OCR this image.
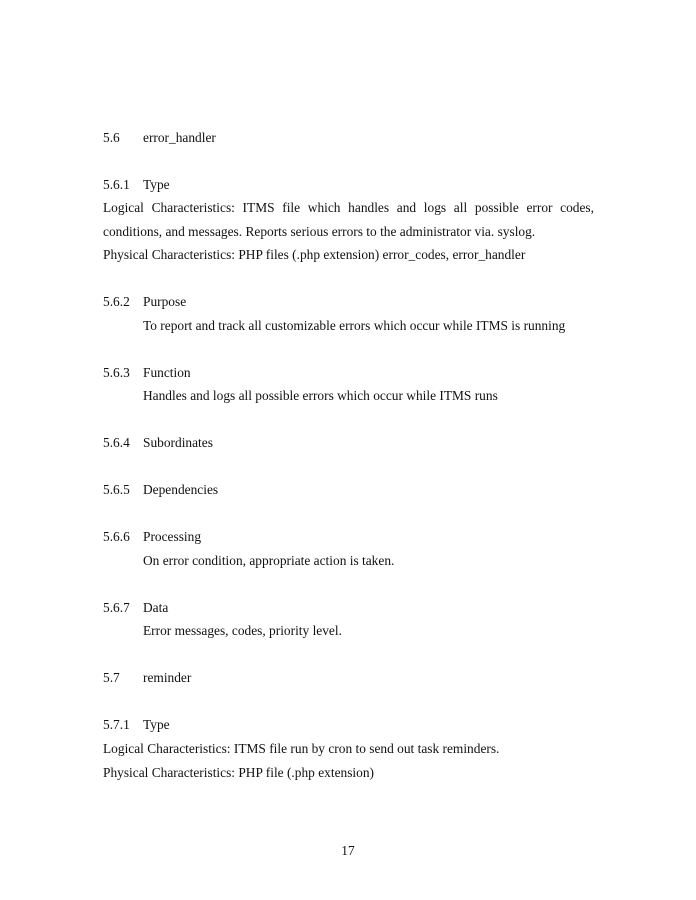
5.6 error_handler
5.6.1 Type
Logical Characteristics: ITMS file which handles and logs all possible error codes,
conditions, and messages. Reports serious errors to the administrator via. syslog.
Physical Characteristics: PHP files (.php extension) error_codes, error_handler
5.6.2 Purpose
To report and track all customizable errors which occur while ITMS is running
5.6.3 Function
Handles and logs all possible errors which occur while ITMS runs
5.6.4 Subordinates
5.6.5 Dependencies
5.6.6 Processing
On error condition, appropriate action is taken.
5.6.7 Data
Error messages, codes, priority level.
5.7 reminder
5.7.1 Type
Logical Characteristics: ITMS file run by cron to send out task reminders.
Physical Characteristics: PHP file (.php extension)
17
